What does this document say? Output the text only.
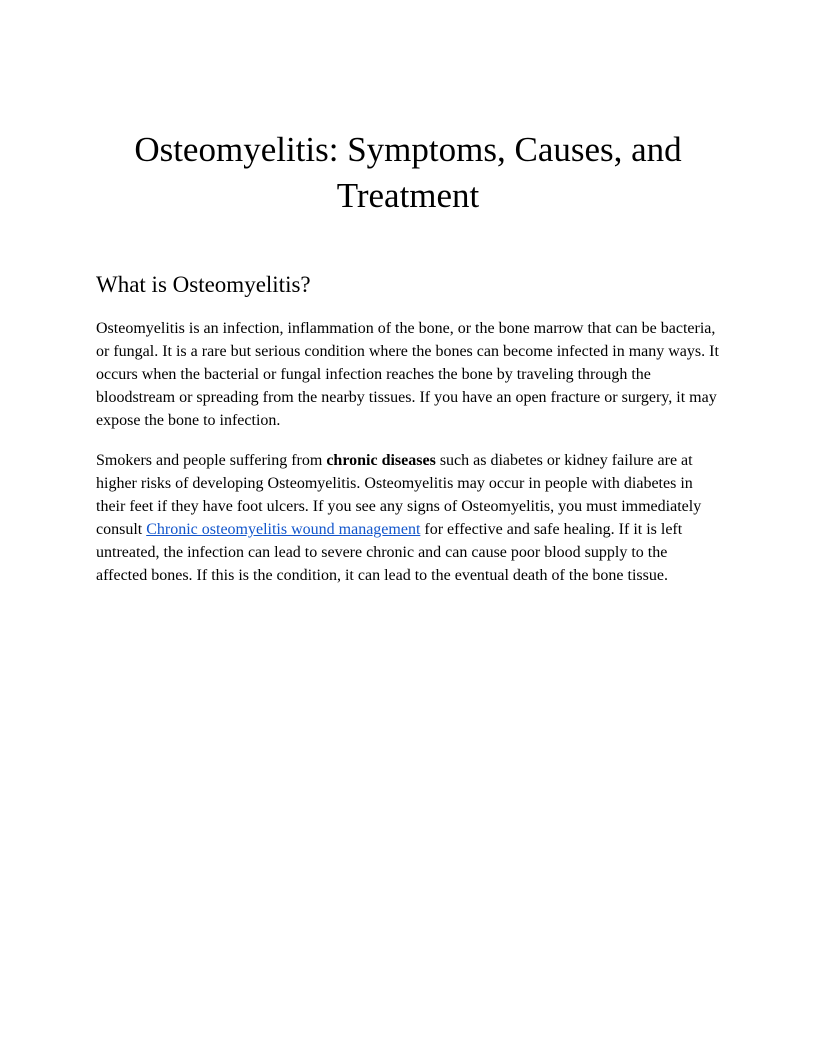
Osteomyelitis: Symptoms, Causes, and Treatment
What is Osteomyelitis?

Osteomyelitis is an infection, inflammation of the bone, or the bone marrow that can be bacteria, or fungal. It is a rare but serious condition where the bones can become infected in many ways. It occurs when the bacterial or fungal infection reaches the bone by traveling through the bloodstream or spreading from the nearby tissues. If you have an open fracture or surgery, it may expose the bone to infection.

Smokers and people suffering from chronic diseases such as diabetes or kidney failure are at higher risks of developing Osteomyelitis. Osteomyelitis may occur in people with diabetes in their feet if they have foot ulcers. If you see any signs of Osteomyelitis, you must immediately consult Chronic osteomyelitis wound management for effective and safe healing. If it is left untreated, the infection can lead to severe chronic and can cause poor blood supply to the affected bones. If this is the condition, it can lead to the eventual death of the bone tissue.
